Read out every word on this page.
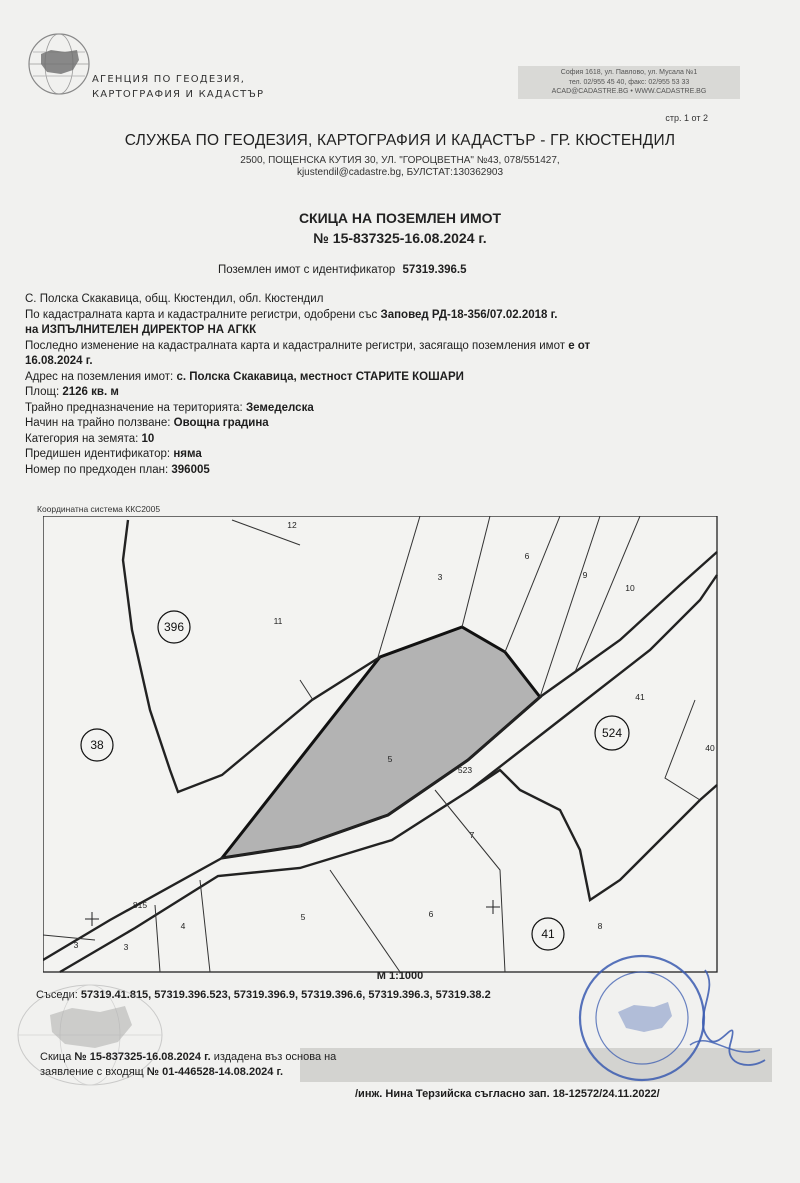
АГЕНЦИЯ ПО ГЕОДЕЗИЯ,
КАРТОГРАФИЯ И КАДАСТЪР
София 1618, ул. Павлово, ул. Мусала №1
тел. 02/955 45 40, факс: 02/955 53 33
ACAD@CADASTRE.BG • WWW.CADASTRE.BG
стр. 1 от 2
СЛУЖБА ПО ГЕОДЕЗИЯ, КАРТОГРАФИЯ И КАДАСТЪР - ГР. КЮСТЕНДИЛ
2500, ПОЩЕНСКА КУТИЯ 30, УЛ. "ГОРОЦВЕТНА" №43, 078/551427,
kjustendil@cadastre.bg, БУЛСТАТ:130362903
СКИЦА НА ПОЗЕМЛЕН ИМОТ
№ 15-837325-16.08.2024 г.
Поземлен имот с идентификатор 57319.396.5
С. Полска Скакавица, общ. Кюстендил, обл. Кюстендил
По кадастралната карта и кадастралните регистри, одобрени със Заповед РД-18-356/07.02.2018 г.
на ИЗПЪЛНИТЕЛЕН ДИРЕКТОР НА АГКК
Последно изменение на кадастралната карта и кадастралните регистри, засягащо поземления имот е от
16.08.2024 г.
Адрес на поземления имот: с. Полска Скакавица, местност СТАРИТЕ КОШАРИ
Площ: 2126 кв. м
Трайно предназначение на територията: Земеделска
Начин на трайно ползване: Овощна градина
Категория на земята: 10
Предишен идентификатор: няма
Номер по предходен план: 396005
Координатна система ККС2005
396
38
524
41
12
3
6
9
10
11
41
40
5
523
7
5	6
8
4
3
3
815
М 1:1000
Съседи: 57319.41.815, 57319.396.523, 57319.396.9, 57319.396.6, 57319.396.3, 57319.38.2
Скица № 15-837325-16.08.2024 г. издадена въз основа на
заявление с входящ № 01-446528-14.08.2024 г.
/инж. Нина Терзийска съгласно зап. 18-12572/24.11.2022/
